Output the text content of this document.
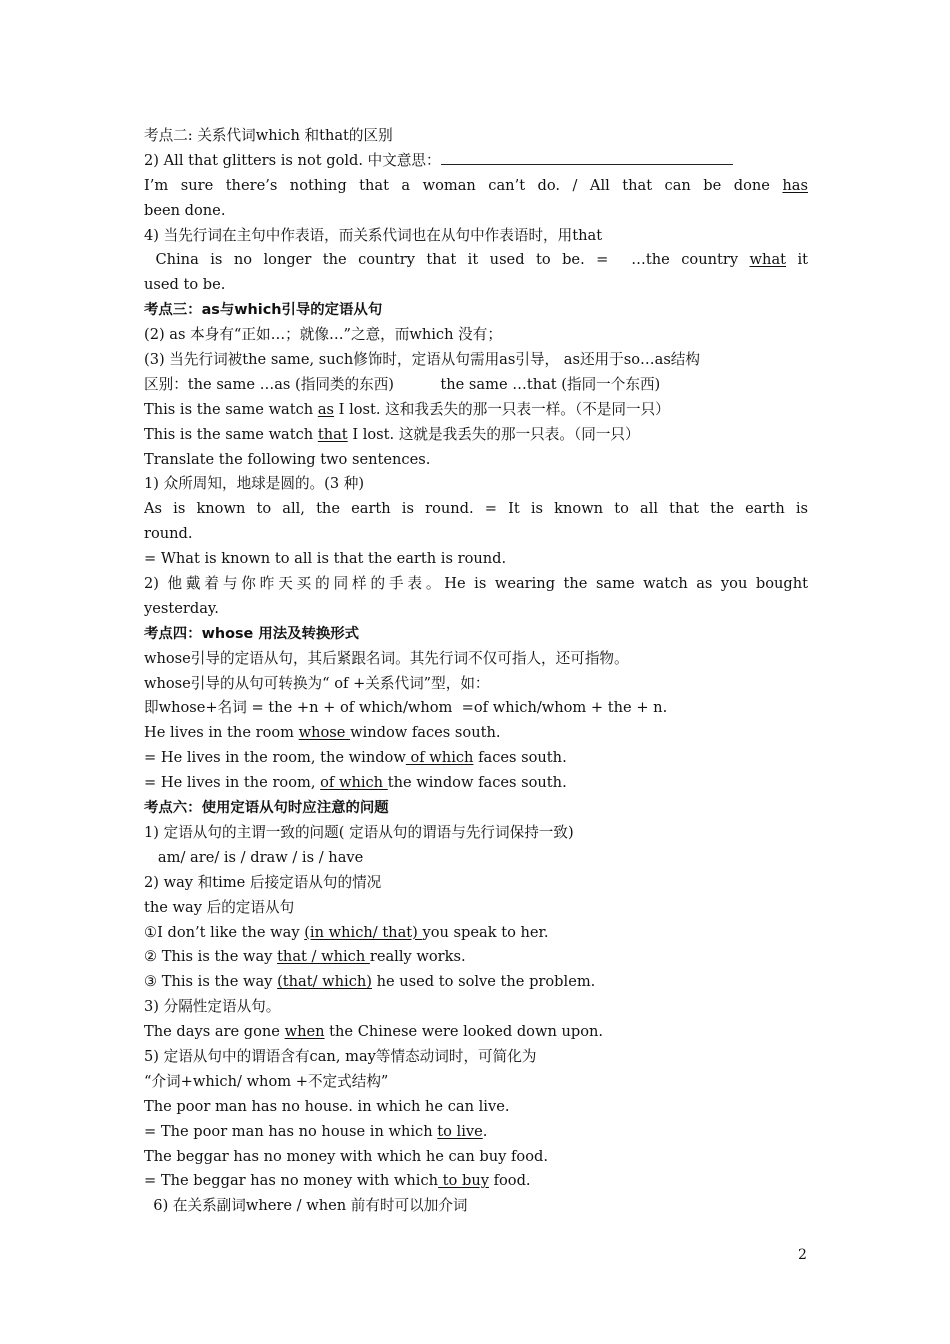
考点二: 关系代词which 和that的区别
2) All that glitters is not gold. 中文意思：
I’m sure there’s nothing that a woman can’t do. / All that can be done has
been done.
4) 当先行词在主句中作表语，而关系代词也在从句中作表语时，用that
China is no longer the country that it used to be. =  …the country what it
used to be.
考点三：as与which引导的定语从句
(2) as 本身有“正如…；就像…”之意，而which 没有；
(3) 当先行词被the same, such修饰时，定语从句需用as引导， as还用于so…as结构
区别：the same …as (指同类的东西)          the same …that (指同一个东西)
This is the same watch as I lost. 这和我丢失的那一只表一样。（不是同一只）
This is the same watch that I lost. 这就是我丢失的那一只表。（同一只）
Translate the following two sentences.
1) 众所周知，地球是圆的。(3 种)
As is known to all, the earth is round. = It is known to all that the earth is
round.
= What is known to all is that the earth is round.
2) 他戴着与你昨天买的同样的手表。He is wearing the same watch as you bought
yesterday.
考点四：whose 用法及转换形式
whose引导的定语从句，其后紧跟名词。其先行词不仅可指人，还可指物。
whose引导的从句可转换为“ of +关系代词”型，如：
即whose+名词 = the +n + of which/whom  =of which/whom + the + n.
He lives in the room whose window faces south.
= He lives in the room, the window of which faces south.
= He lives in the room, of which the window faces south.
考点六：使用定语从句时应注意的问题
1) 定语从句的主谓一致的问题( 定语从句的谓语与先行词保持一致)
am/ are/ is / draw / is / have
2) way 和time 后接定语从句的情况
the way 后的定语从句
①I don’t like the way (in which/ that) you speak to her.
② This is the way that / which really works.
③ This is the way (that/ which) he used to solve the problem.
3) 分隔性定语从句。
The days are gone when the Chinese were looked down upon.
5) 定语从句中的谓语含有can, may等情态动词时，可简化为
“介词+which/ whom +不定式结构”
The poor man has no house. in which he can live.
= The poor man has no house in which to live.
The beggar has no money with which he can buy food.
= The beggar has no money with which to buy food.
6) 在关系副词where / when 前有时可以加介词
2
